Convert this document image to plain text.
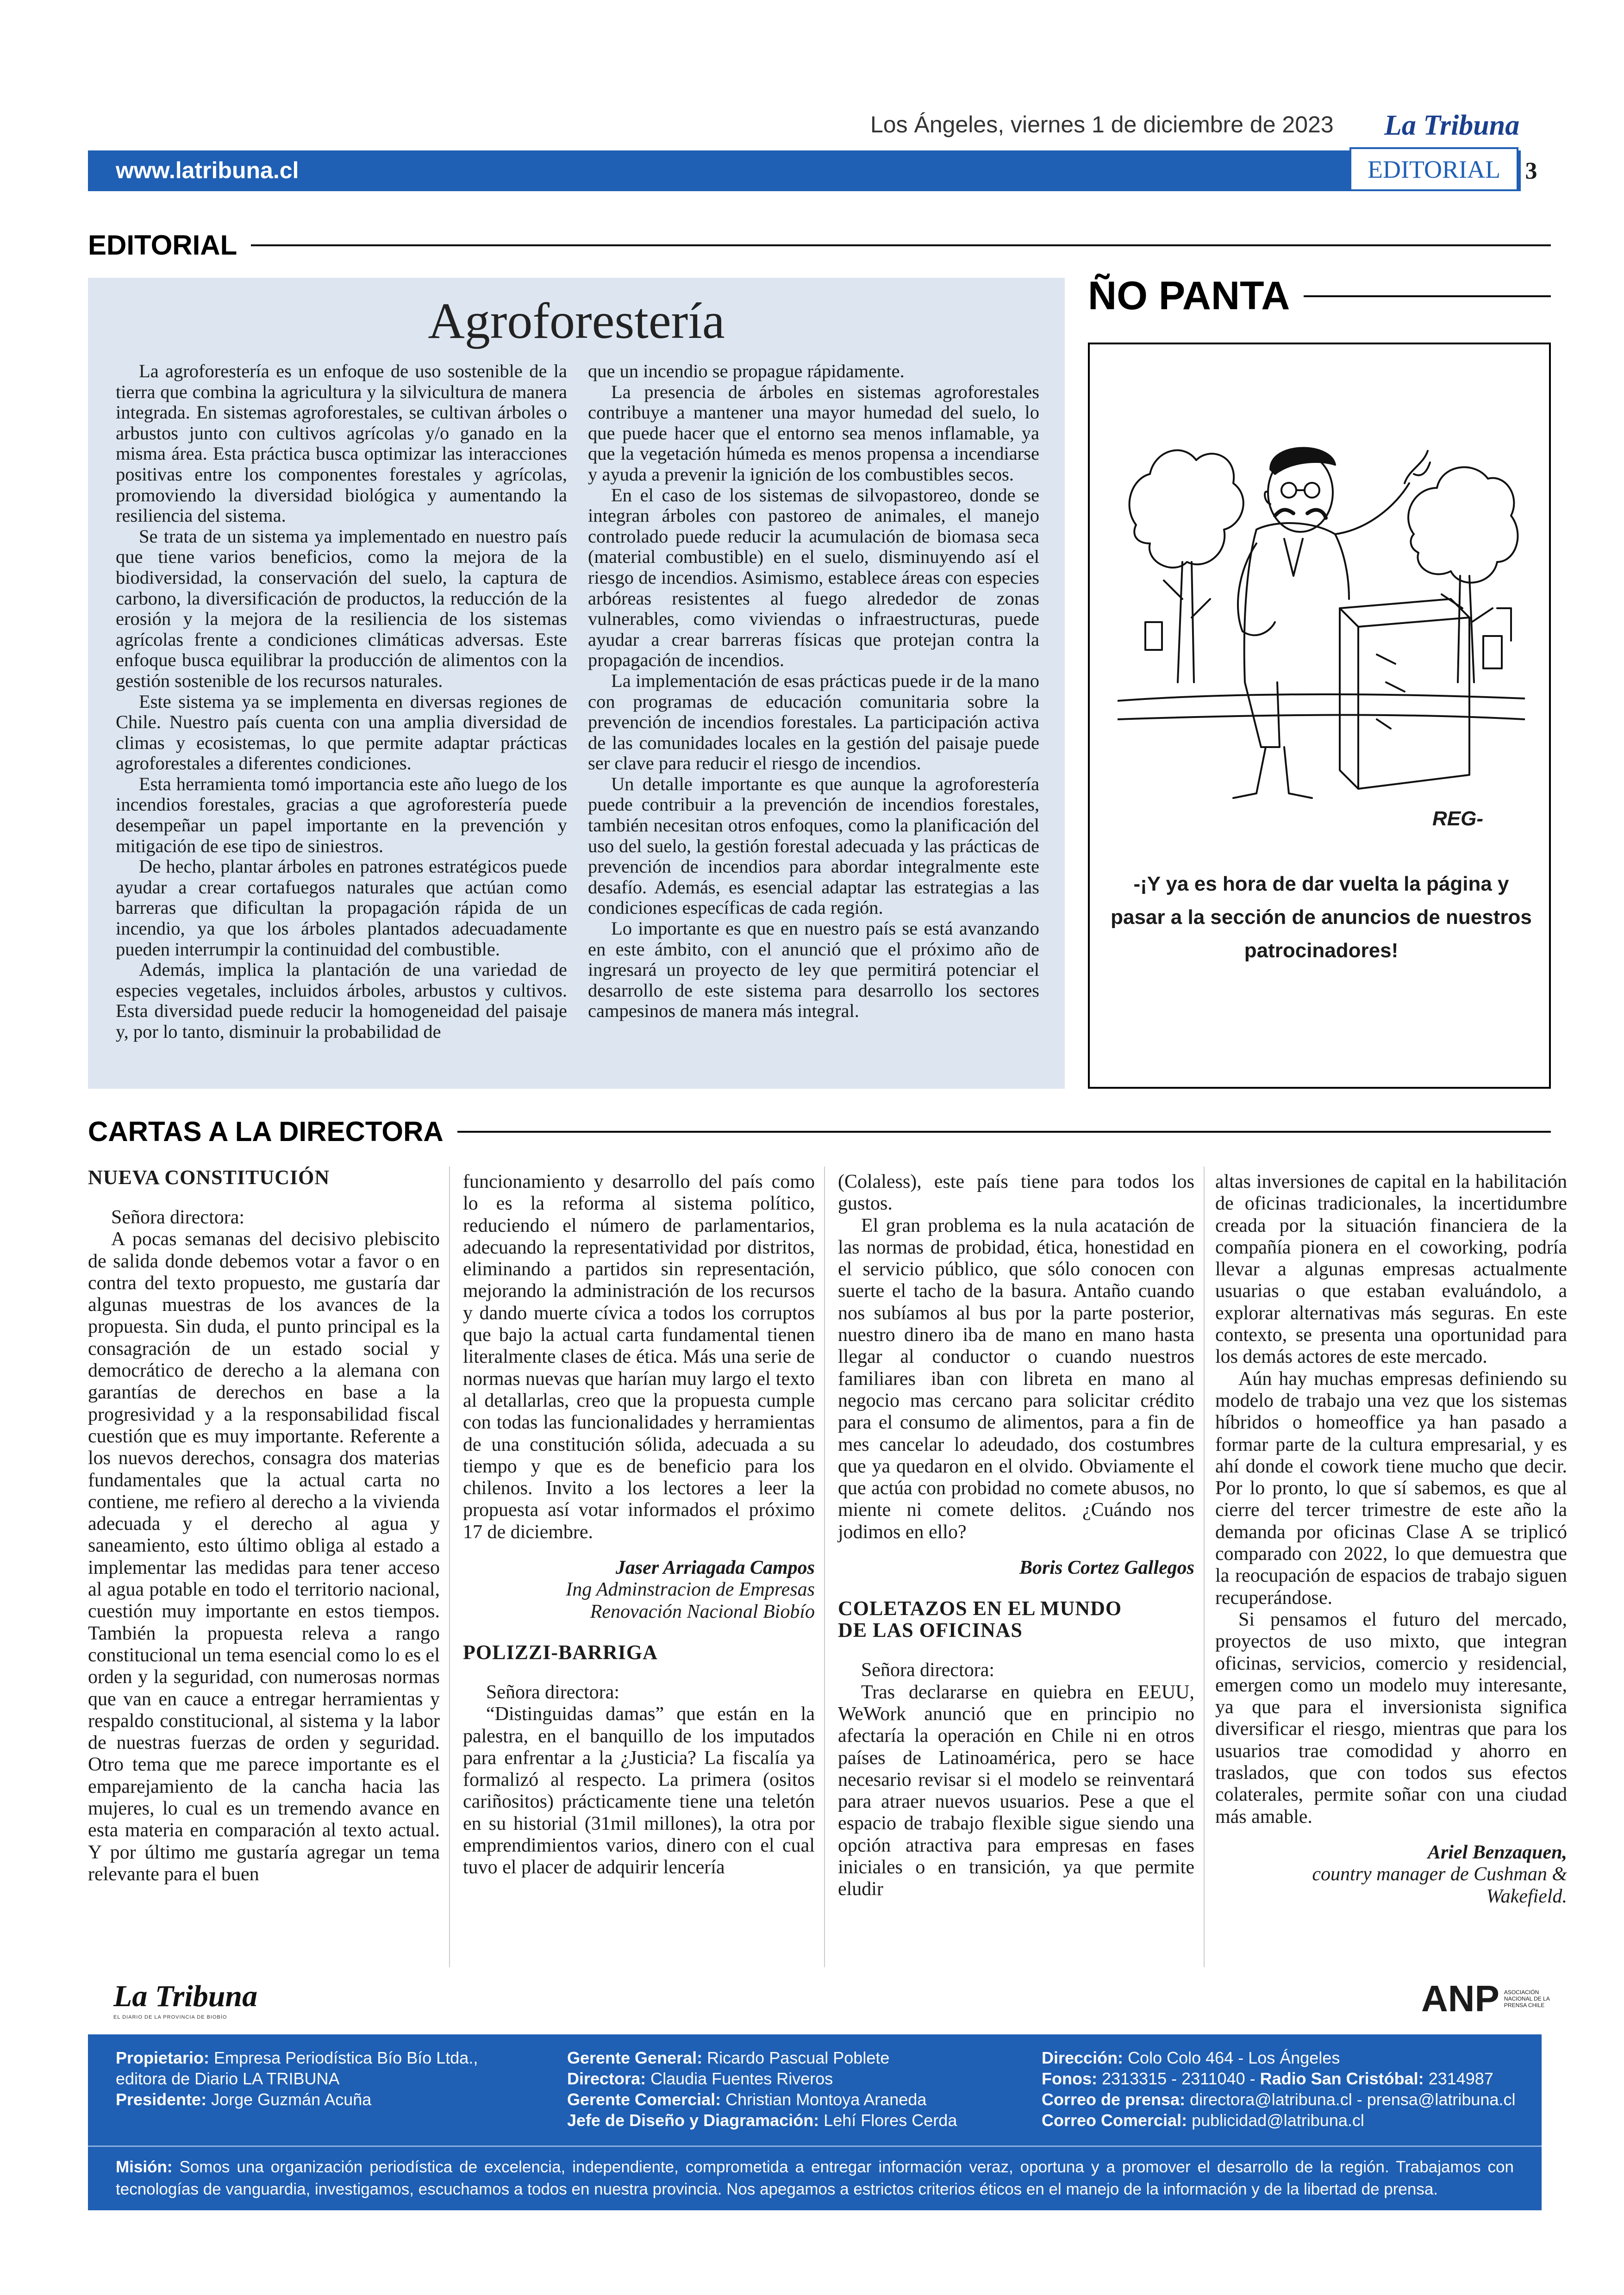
Los Ángeles, viernes 1 de diciembre de 2023 La Tribuna
www.latribuna.cl	EDITORIAL	3
EDITORIAL
Agroforestería

La agroforestería es un enfoque de uso sostenible de la tierra que combina la agricultura y la silvicultura de manera integrada. En sistemas agroforestales, se cultivan árboles o arbustos junto con cultivos agrícolas y/o ganado en la misma área. Esta práctica busca optimizar las interacciones positivas entre los componentes forestales y agrícolas, promoviendo la diversidad biológica y aumentando la resiliencia del sistema.

Se trata de un sistema ya implementado en nuestro país que tiene varios beneficios, como la mejora de la biodiversidad, la conservación del suelo, la captura de carbono, la diversificación de productos, la reducción de la erosión y la mejora de la resiliencia de los sistemas agrícolas frente a condiciones climáticas adversas. Este enfoque busca equilibrar la producción de alimentos con la gestión sostenible de los recursos naturales.

Este sistema ya se implementa en diversas regiones de Chile. Nuestro país cuenta con una amplia diversidad de climas y ecosistemas, lo que permite adaptar prácticas agroforestales a diferentes condiciones.

Esta herramienta tomó importancia este año luego de los incendios forestales, gracias a que agroforestería puede desempeñar un papel importante en la prevención y mitigación de ese tipo de siniestros.

De hecho, plantar árboles en patrones estratégicos puede ayudar a crear cortafuegos naturales que actúan como barreras que dificultan la propagación rápida de un incendio, ya que los árboles plantados adecuadamente pueden interrumpir la continuidad del combustible.

Además, implica la plantación de una variedad de especies vegetales, incluidos árboles, arbustos y cultivos. Esta diversidad puede reducir la homogeneidad del paisaje y, por lo tanto, disminuir la probabilidad de

que un incendio se propague rápidamente.

La presencia de árboles en sistemas agroforestales contribuye a mantener una mayor humedad del suelo, lo que puede hacer que el entorno sea menos inflamable, ya que la vegetación húmeda es menos propensa a incendiarse y ayuda a prevenir la ignición de los combustibles secos.

En el caso de los sistemas de silvopastoreo, donde se integran árboles con pastoreo de animales, el manejo controlado puede reducir la acumulación de biomasa seca (material combustible) en el suelo, disminuyendo así el riesgo de incendios. Asimismo, establece áreas con especies arbóreas resistentes al fuego alrededor de zonas vulnerables, como viviendas o infraestructuras, puede ayudar a crear barreras físicas que protejan contra la propagación de incendios.

La implementación de esas prácticas puede ir de la mano con programas de educación comunitaria sobre la prevención de incendios forestales. La participación activa de las comunidades locales en la gestión del paisaje puede ser clave para reducir el riesgo de incendios.

Un detalle importante es que aunque la agroforestería puede contribuir a la prevención de incendios forestales, también necesitan otros enfoques, como la planificación del uso del suelo, la gestión forestal adecuada y las prácticas de prevención de incendios para abordar integralmente este desafío. Además, es esencial adaptar las estrategias a las condiciones específicas de cada región.

Lo importante es que en nuestro país se está avanzando en este ámbito, con el anunció que el próximo año de ingresará un proyecto de ley que permitirá potenciar el desarrollo de este sistema para desarrollo los sectores campesinos de manera más integral.

ÑO PANTA
REG-
-¡Y ya es hora de dar vuelta la página y pasar a la sección de anuncios de nuestros patrocinadores!
CARTAS A LA DIRECTORA
NUEVA CONSTITUCIÓN

Señora directora:

A pocas semanas del decisivo plebiscito de salida donde debemos votar a favor o en contra del texto propuesto, me gustaría dar algunas muestras de los avances de la propuesta. Sin duda, el punto principal es la consagración de un estado social y democrático de derecho a la alemana con garantías de derechos en base a la progresividad y a la responsabilidad fiscal cuestión que es muy importante. Referente a los nuevos derechos, consagra dos materias fundamentales que la actual carta no contiene, me refiero al derecho a la vivienda adecuada y el derecho al agua y saneamiento, esto último obliga al estado a implementar las medidas para tener acceso al agua potable en todo el territorio nacional, cuestión muy importante en estos tiempos. También la propuesta releva a rango constitucional un tema esencial como lo es el orden y la seguridad, con numerosas normas que van en cauce a entregar herramientas y respaldo constitucional, al sistema y la labor de nuestras fuerzas de orden y seguridad. Otro tema que me parece importante es el emparejamiento de la cancha hacia las mujeres, lo cual es un tremendo avance en esta materia en comparación al texto actual. Y por último me gustaría agregar un tema relevante para el buen

funcionamiento y desarrollo del país como lo es la reforma al sistema político, reduciendo el número de parlamentarios, adecuando la representatividad por distritos, eliminando a partidos sin representación, mejorando la administración de los recursos y dando muerte cívica a todos los corruptos que bajo la actual carta fundamental tienen literalmente clases de ética. Más una serie de normas nuevas que harían muy largo el texto al detallarlas, creo que la propuesta cumple con todas las funcionalidades y herramientas de una constitución sólida, adecuada a su tiempo y que es de beneficio para los chilenos. Invito a los lectores a leer la propuesta así votar informados el próximo 17 de diciembre.

Jaser Arriagada Campos
Ing Adminstracion de Empresas
Renovación Nacional Biobío
POLIZZI-BARRIGA

Señora directora:

“Distinguidas damas” que están en la palestra, en el banquillo de los imputados para enfrentar a la ¿Justicia? La fiscalía ya formalizó al respecto. La primera (ositos cariñositos) prácticamente tiene una teletón en su historial (31mil millones), la otra por emprendimientos varios, dinero con el cual tuvo el placer de adquirir lencería

(Colaless), este país tiene para todos los gustos.

El gran problema es la nula acatación de las normas de probidad, ética, honestidad en el servicio público, que sólo conocen con suerte el tacho de la basura. Antaño cuando nos subíamos al bus por la parte posterior, nuestro dinero iba de mano en mano hasta llegar al conductor o cuando nuestros familiares iban con libreta en mano al negocio mas cercano para solicitar crédito para el consumo de alimentos, para a fin de mes cancelar lo adeudado, dos costumbres que ya quedaron en el olvido. Obviamente el que actúa con probidad no comete abusos, no miente ni comete delitos. ¿Cuándo nos jodimos en ello?

Boris Cortez Gallegos
COLETAZOS EN EL MUNDO
DE LAS OFICINAS

Señora directora:

Tras declararse en quiebra en EEUU, WeWork anunció que en principio no afectaría la operación en Chile ni en otros países de Latinoamérica, pero se hace necesario revisar si el modelo se reinventará para atraer nuevos usuarios. Pese a que el espacio de trabajo flexible sigue siendo una opción atractiva para empresas en fases iniciales o en transición, ya que permite eludir

altas inversiones de capital en la habilitación de oficinas tradicionales, la incertidumbre creada por la situación financiera de la compañía pionera en el coworking, podría llevar a algunas empresas actualmente usuarias o que estaban evaluándolo, a explorar alternativas más seguras. En este contexto, se presenta una oportunidad para los demás actores de este mercado.

Aún hay muchas empresas definiendo su modelo de trabajo una vez que los sistemas híbridos o homeoffice ya han pasado a formar parte de la cultura empresarial, y es ahí donde el cowork tiene mucho que decir. Por lo pronto, lo que sí sabemos, es que al cierre del tercer trimestre de este año la demanda por oficinas Clase A se triplicó comparado con 2022, lo que demuestra que la reocupación de espacios de trabajo siguen recuperándose.

Si pensamos el futuro del mercado, proyectos de uso mixto, que integran oficinas, servicios, comercio y residencial, emergen como un modelo muy interesante, ya que para el inversionista significa diversificar el riesgo, mientras que para los usuarios trae comodidad y ahorro en traslados, que con todos sus efectos colaterales, permite soñar con una ciudad más amable.

Ariel Benzaquen,
country manager de Cushman &
Wakefield.
La Tribuna
EL DIARIO DE LA PROVINCIA DE BIOBÍO	ANP ASOCIACIÓN NACIONAL DE LA PRENSA CHILE
Propietario: Empresa Periodística Bío Bío Ltda.,
editora de Diario LA TRIBUNA
Presidente: Jorge Guzmán Acuña
Gerente General: Ricardo Pascual Poblete
Directora: Claudia Fuentes Riveros
Gerente Comercial: Christian Montoya Araneda
Jefe de Diseño y Diagramación: Lehí Flores Cerda
Dirección: Colo Colo 464 - Los Ángeles
Fonos: 2313315 - 2311040 - Radio San Cristóbal: 2314987
Correo de prensa: directora@latribuna.cl - prensa@latribuna.cl
Correo Comercial: publicidad@latribuna.cl
Misión: Somos una organización periodística de excelencia, independiente, comprometida a entregar información veraz, oportuna y a promover el desarrollo de la región. Trabajamos con tecnologías de vanguardia, investigamos, escuchamos a todos en nuestra provincia. Nos apegamos a estrictos criterios éticos en el manejo de la información y de la libertad de prensa.
